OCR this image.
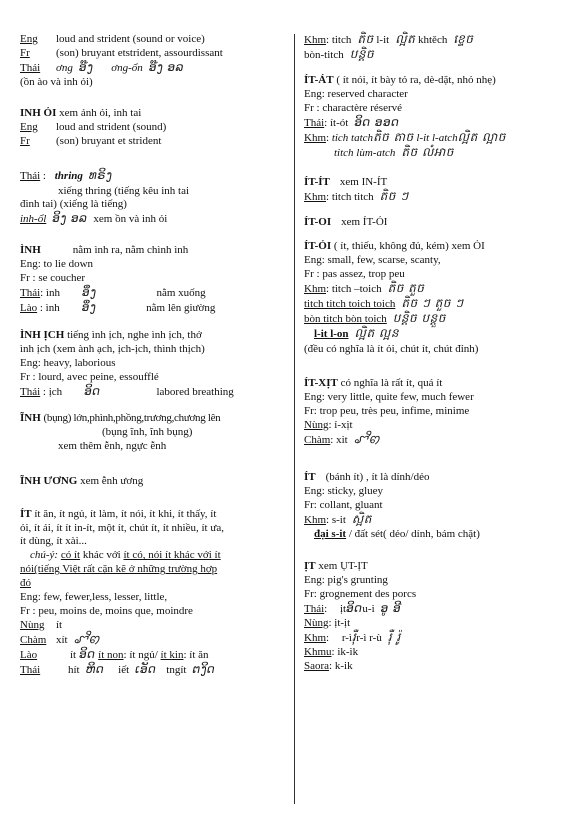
Eng loud and strident (sound or voice)
Fr (son) bruyant etstrident, assourdissant
Thái ơng ອ໊ງ ơng-ổn ອ໊ງ ອລ
(ồn ào và inh ỏi)
INH ỎI xem ảnh ỏi, inh tai
Eng loud and strident (sound)
Fr (son) bruyant et strident
Thái : thring ທຣິງ
xiếng thring (tiếng kêu inh tai
đinh tai) (xiếng là tiếng)
inh-ổl ອິງ ອລ xem ồn và inh ỏi
ÌNH	nằm ình ra, nằm chình ình
Eng: to lie down
Fr : se coucher
Thái: ình ອິ່ງ	nằm xuống
Lào : ình ອິ່ງ	nằm lên giường
ÌNH ỊCH tiếng ình ịch, nghe ình ịch, thở
ình ịch (xem ành ạch, ịch-ịch, thình thịch)
Eng: heavy, laborious
Fr : lourd, avec peine, essoufflé
Thái : ịch ອິດ	labored breathing
ĨNH (bụng) lớn,phình,phồng,trương,chương lên
(bụng ĩnh, ĩnh bụng)
xem thêm ễnh, ngực ễnh
ĨNH ƯƠNG xem ễnh ương
ÍT ít ăn, ít ngủ, ít làm, ít nói, ít khi, ít thấy, ít
ỏi, ít ái, ít ít in-ít, một ít, chút ít, ít nhiều, ít ưa,
ít dùng, ít xài...
chú-ý: có ít khác với ít có, nói ít khác với ít
nói(tiếng Việt rất cặn kẽ ở những trường hợp
đó
Eng: few, fewer,less, lesser, little,
Fr : peu, moins de, moins que, moindre
Nùng ít
Chàm xít ꨧꨪꩅ
Lào	ít ອິດ ít non: ít ngủ/ ít kin: ít ăn
Thái	hít ຫິດ iết ເອັດ tngít ຕງິດ
Khm: titch តិច l-it ល្អិត khtěch ខ្ទេច
bòn-titch បន្តិច
ÍT-ÁT ( ít nói, ít bày tỏ ra, dè-dặt, nhỏ nhẹ)
Eng: reserved character
Fr : charactère réservé
Thái: ít-ót ອິດ ອອດ
Khm: tich tatchតិច តាច l-it l-atchល្អិត ល្អាច
titch lùm-atch តិច លំអាច
ÍT-ÍT xem IN-ÍT
Khm: titch titch តិច ៗ
ÍT-OI xem ÍT-ỎI
ÍT-ỎI ( ít, thiếu, không đủ, kém) xem ỎI
Eng: small, few, scarse, scanty,
Fr : pas assez, trop peu
Khm: titch –toich តិច តួច
titch titch toich toich តិច ៗ តួច ៗ
bòn titch bòn toich បន្តិច បន្តួច
l-it l-on ល្អិត ល្អន
(đều có nghĩa là ít ỏi, chút ít, chút đỉnh)
ÍT-XỊT có nghĩa là rất ít, quá ít
Eng: very little, quite few, much fewer
Fr: trop peu, très peu, infime, minime
Nùng: ỉ-xịt
Chàm: xit ꨧꨪꩅ
ÍT (bánh ít) , ít là dính/dẻo
Eng: sticky, gluey
Fr: collant, gluant
Khm: s-it ស្អិត
đại s-it / đất sét( dẻo/ dính, bám chặt)
ỊT xem ỤT-ỊT
Eng: pig's grunting
Fr: grognement des porcs
Thái: ịtອິດu-i ອູ ອີ
Nùng: ịt-ịt
Khm: r-ìរ៉ឺr-ì r-ù រ៉ឺ រ៉ូ
Khmu: ik-ik
Saora: k-ik
